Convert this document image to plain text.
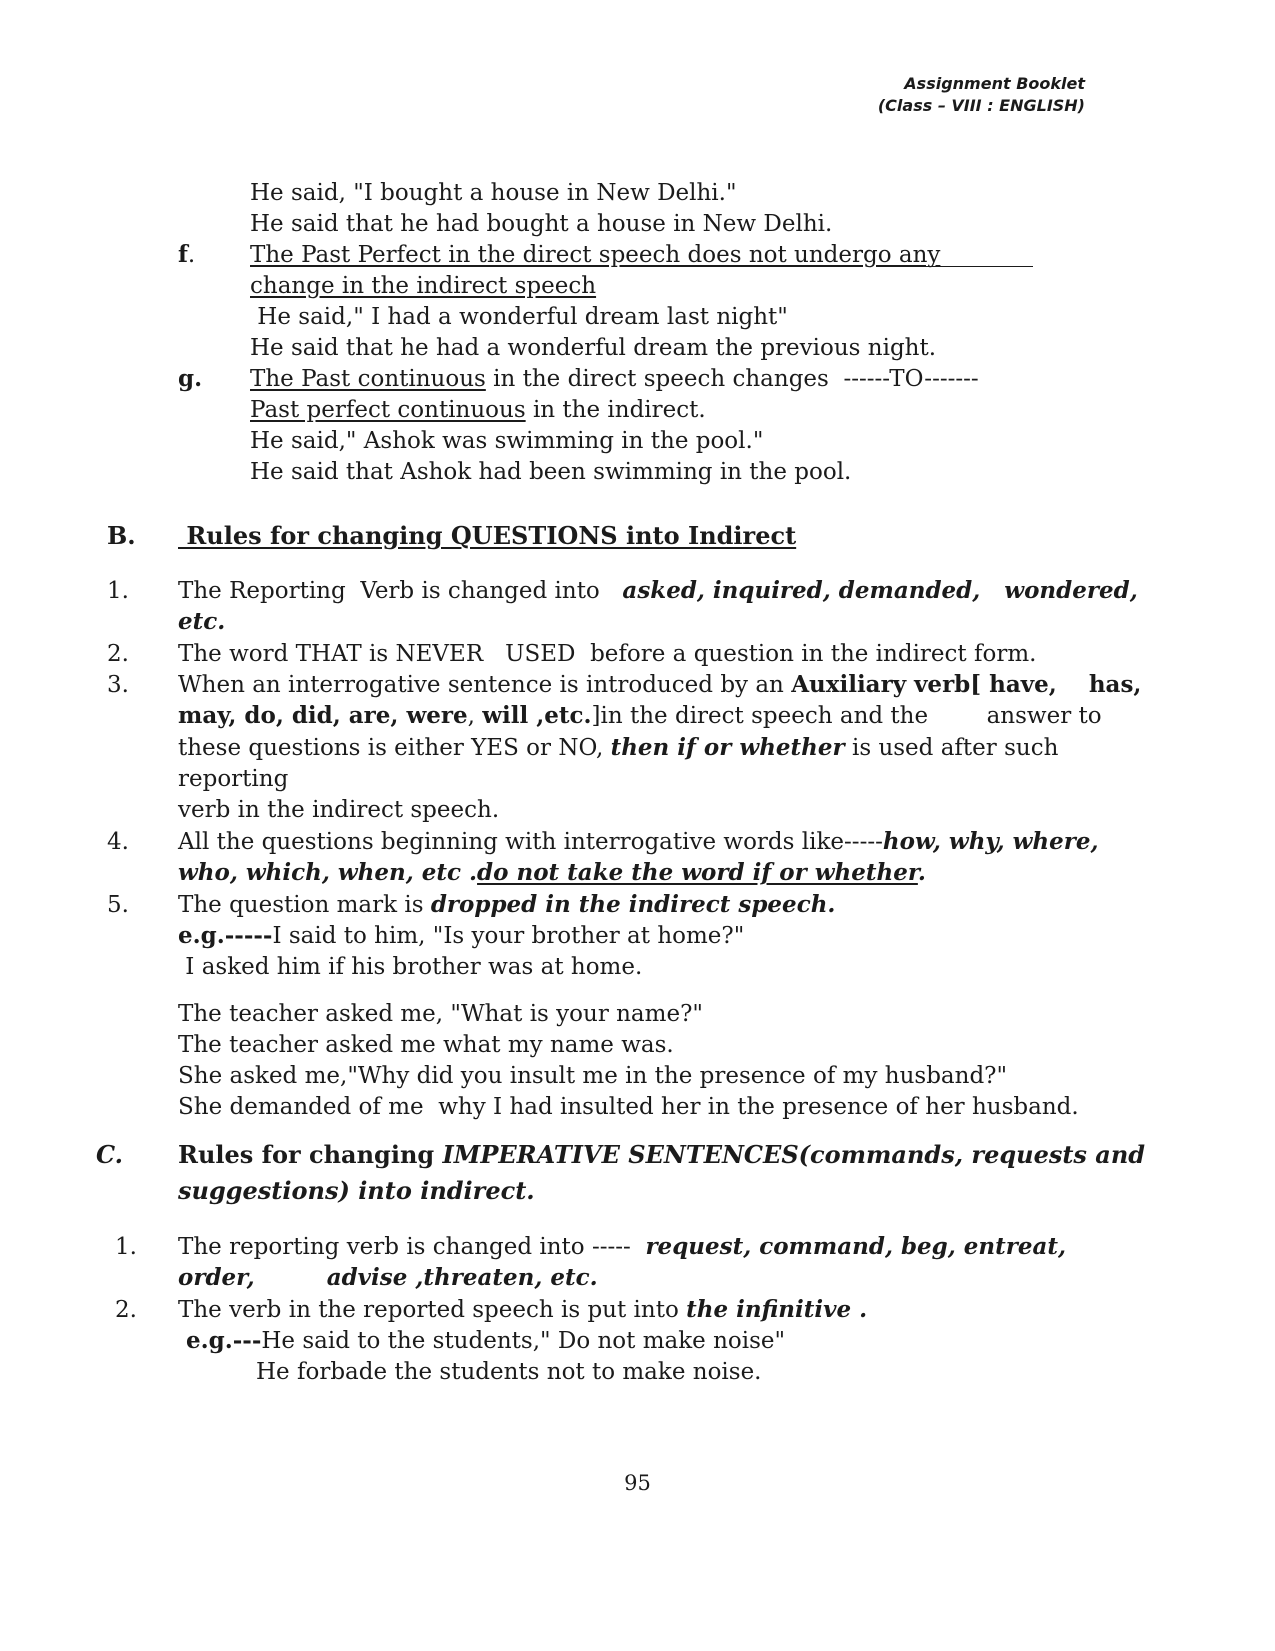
Assignment Booklet
(Class – VIII : ENGLISH)
He said, "I bought a house in New Delhi."
He said that he had bought a house in New Delhi.
f. The Past Perfect in the direct speech does not undergo any
change in the indirect speech
He said," I had a wonderful dream last night"
He said that he had a wonderful dream the previous night.
g. The Past continuous in the direct speech changes  ------TO-------
Past perfect continuous in the indirect.
He said," Ashok was swimming in the pool."
He said that Ashok had been swimming in the pool.
B. Rules for changing QUESTIONS into Indirect
1. The Reporting  Verb is changed into   asked, inquired, demanded,   wondered,
etc.
2. The word THAT is NEVER   USED  before a question in the indirect form.
3. When an interrogative sentence is introduced by an Auxiliary verb[ have,    has,
may, do, did, are, were, will ,etc.]in the direct speech and the        answer to
these questions is either YES or NO, then if or whether is used after such
reporting
verb in the indirect speech.
4. All the questions beginning with interrogative words like-----how, why, where,
who, which, when, etc .do not take the word if or whether.
5. The question mark is dropped in the indirect speech.
e.g.-----I said to him, "Is your brother at home?"
I asked him if his brother was at home.
The teacher asked me, "What is your name?"
The teacher asked me what my name was.
She asked me,"Why did you insult me in the presence of my husband?"
She demanded of me  why I had insulted her in the presence of her husband.
C. Rules for changing IMPERATIVE SENTENCES(commands, requests and
suggestions) into indirect.
1. The reporting verb is changed into -----  request, command, beg, entreat,
order,         advise ,threaten, etc.
2. The verb in the reported speech is put into the infinitive .
e.g.---He said to the students," Do not make noise"
He forbade the students not to make noise.
95
